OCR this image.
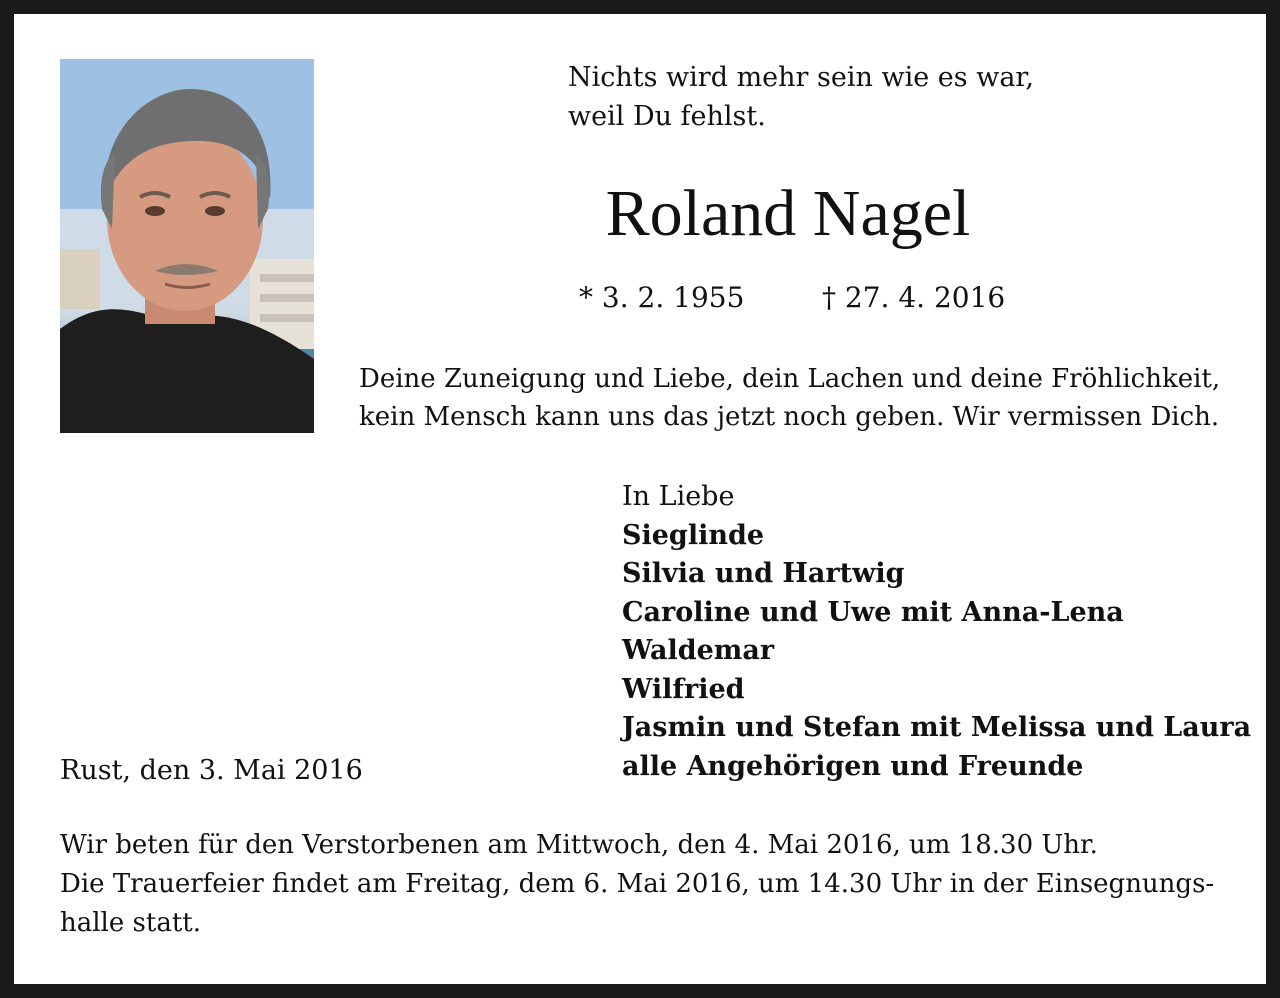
Nichts wird mehr sein wie es war,
weil Du fehlst.

Roland Nagel
* 3. 2. 1955	† 27. 4. 2016

Deine Zuneigung und Liebe, dein Lachen und deine Fröhlichkeit,
kein Mensch kann uns das jetzt noch geben. Wir vermissen Dich.

In Liebe
Sieglinde
Silvia und Hartwig
Caroline und Uwe mit Anna-Lena
Waldemar
Wilfried
Jasmin und Stefan mit Melissa und Laura
alle Angehörigen und Freunde
Rust, den 3. Mai 2016

Wir beten für den Verstorbenen am Mittwoch, den 4. Mai 2016, um 18.30 Uhr.

Die Trauerfeier findet am Freitag, dem 6. Mai 2016, um 14.30 Uhr in der Einsegnungs-

halle statt.
